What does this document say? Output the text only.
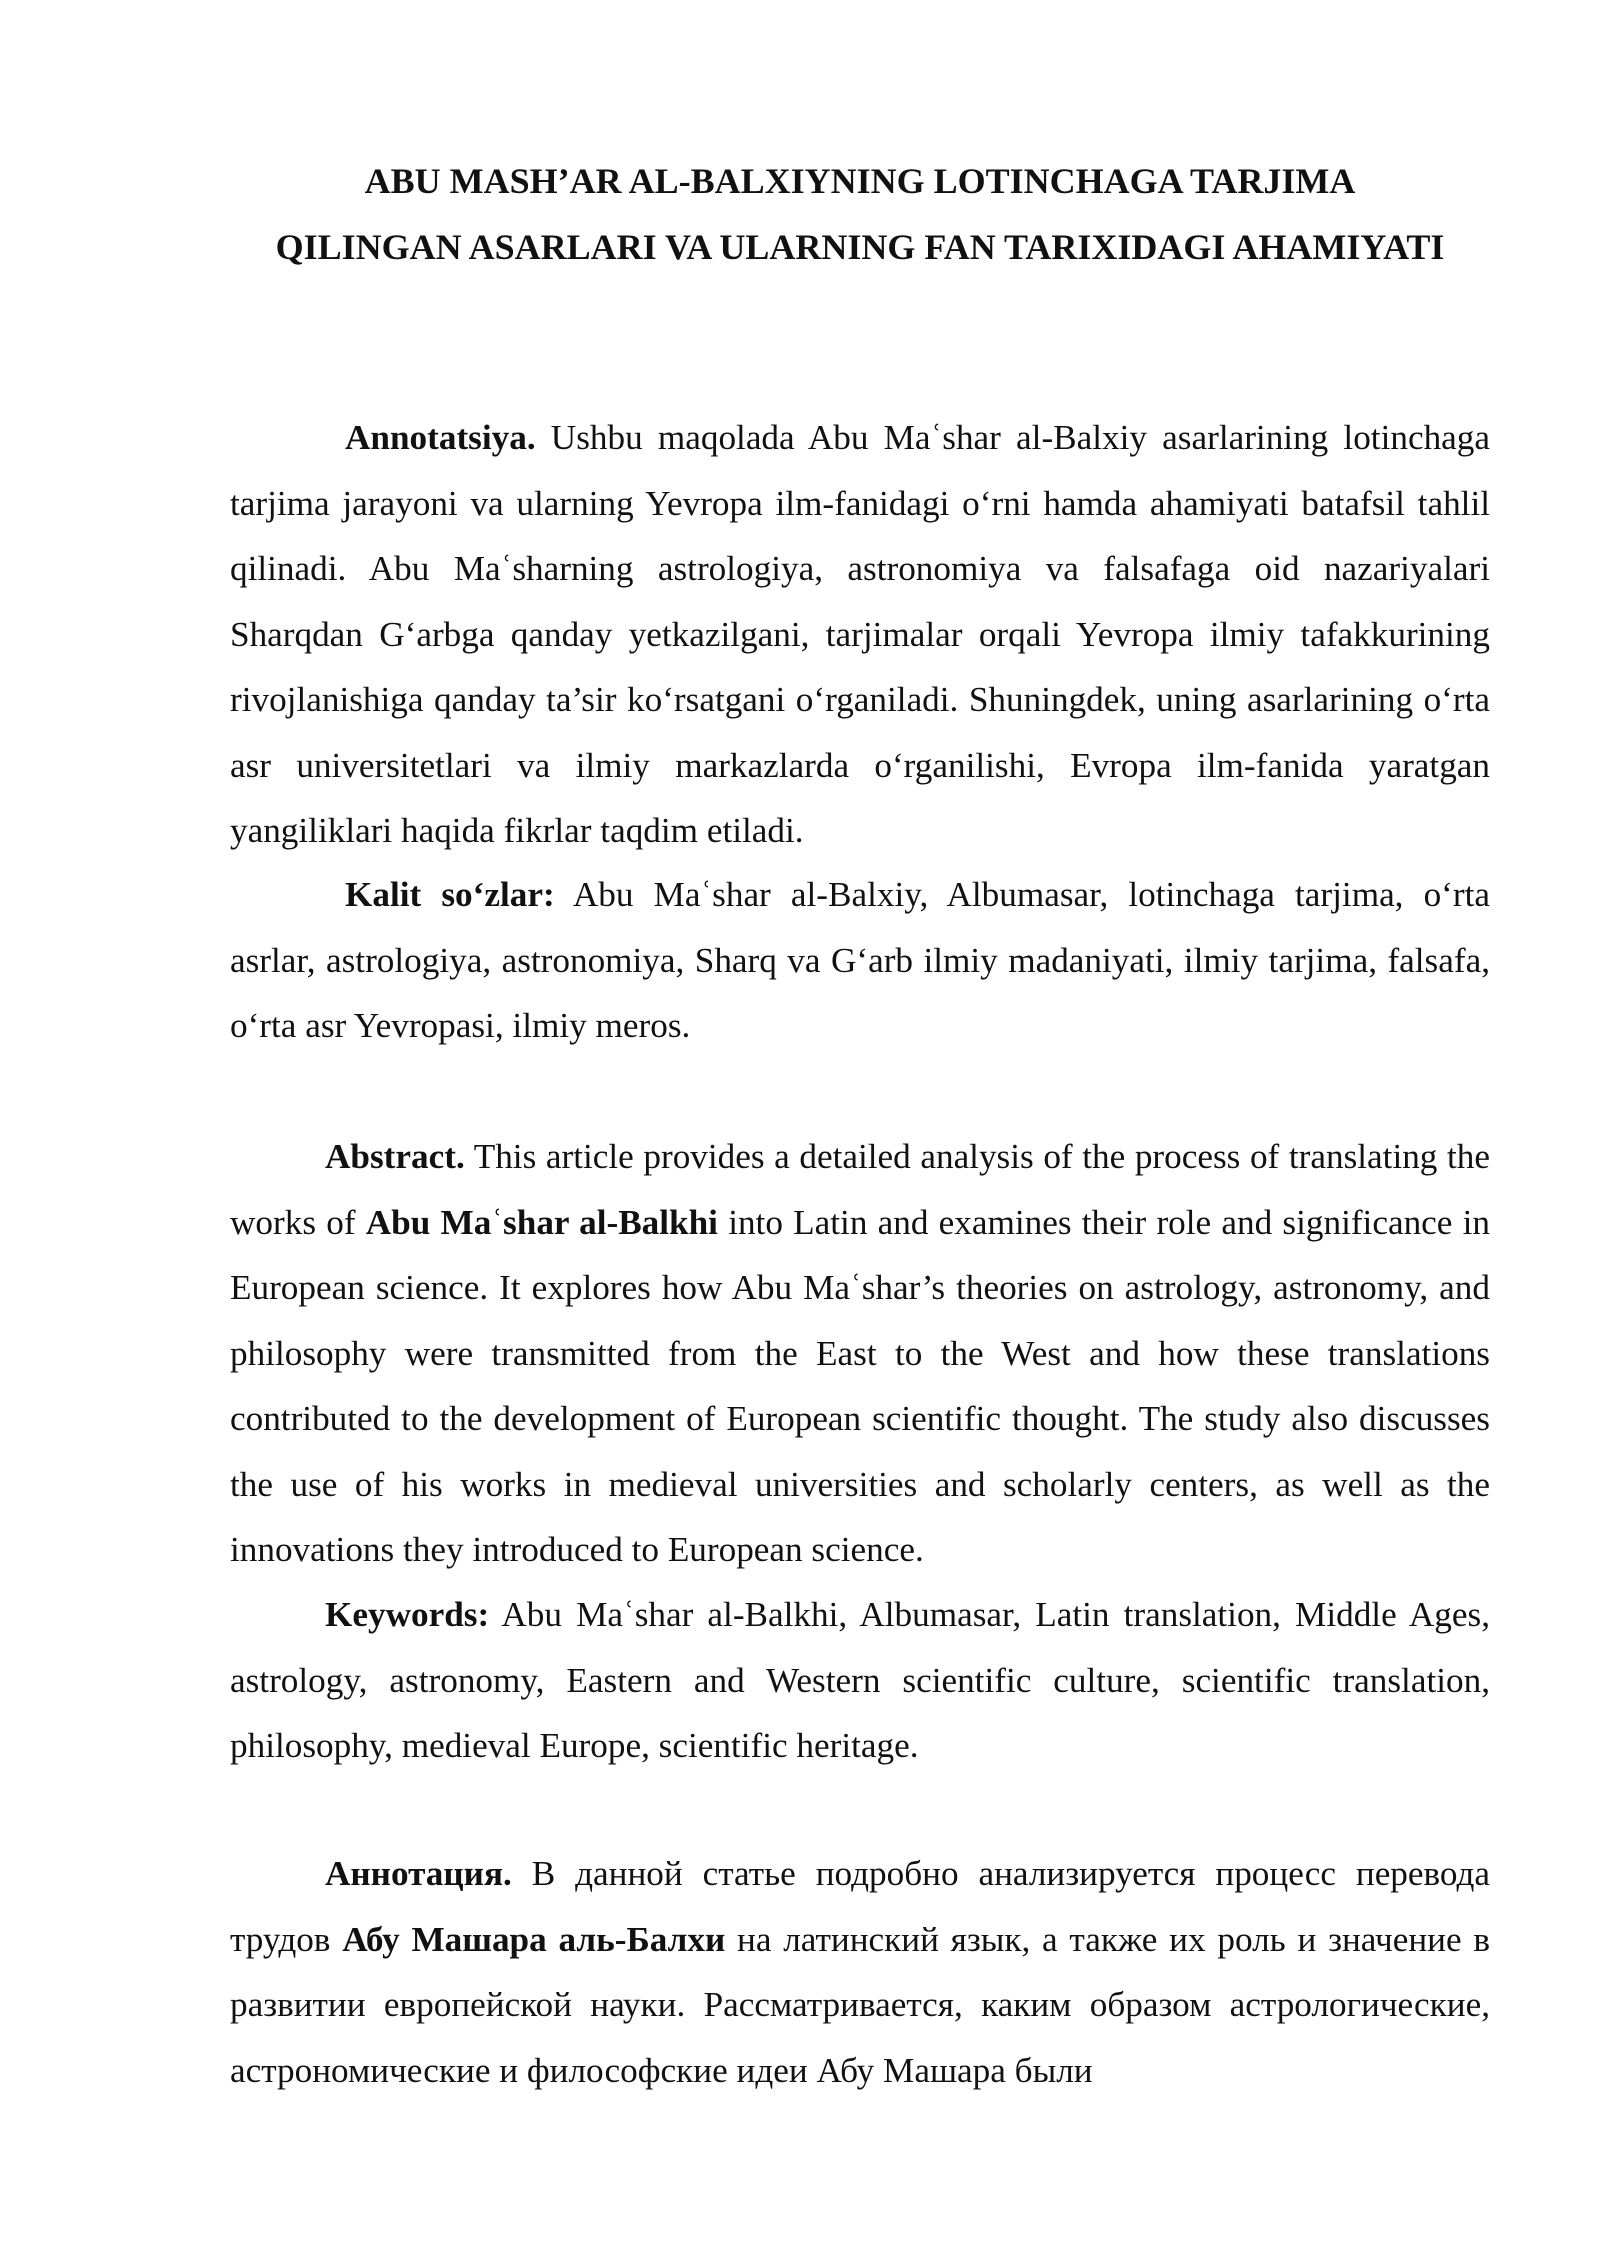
ABU MASH’AR AL-BALXIYNING LOTINCHAGA TARJIMA
QILINGAN ASARLARI VA ULARNING FAN TARIXIDAGI AHAMIYATI

Annotatsiya. Ushbu maqolada Abu Maʿshar al-Balxiy asarlarining lotinchaga tarjima jarayoni va ularning Yevropa ilm-fanidagi o‘rni hamda ahamiyati batafsil tahlil qilinadi. Abu Maʿsharning astrologiya, astronomiya va falsafaga oid nazariyalari Sharqdan G‘arbga qanday yetkazilgani, tarjimalar orqali Yevropa ilmiy tafakkurining rivojlanishiga qanday ta’sir ko‘rsatgani o‘rganiladi. Shuningdek, uning asarlarining o‘rta asr universitetlari va ilmiy markazlarda o‘rganilishi, Evropa ilm-fanida yaratgan yangiliklari haqida fikrlar taqdim etiladi.

Kalit so‘zlar: Abu Maʿshar al-Balxiy, Albumasar, lotinchaga tarjima, o‘rta asrlar, astrologiya, astronomiya, Sharq va G‘arb ilmiy madaniyati, ilmiy tarjima, falsafa, o‘rta asr Yevropasi, ilmiy meros.

Abstract. This article provides a detailed analysis of the process of translating the works of Abu Maʿshar al-Balkhi into Latin and examines their role and significance in European science. It explores how Abu Maʿshar’s theories on astrology, astronomy, and philosophy were transmitted from the East to the West and how these translations contributed to the development of European scientific thought. The study also discusses the use of his works in medieval universities and scholarly centers, as well as the innovations they introduced to European science.

Keywords: Abu Maʿshar al-Balkhi, Albumasar, Latin translation, Middle Ages, astrology, astronomy, Eastern and Western scientific culture, scientific translation, philosophy, medieval Europe, scientific heritage.

Аннотация. В данной статье подробно анализируется процесс перевода трудов Абу Машара аль-Балхи на латинский язык, а также их роль и значение в развитии европейской науки. Рассматривается, каким образом астрологические, астрономические и философские идеи Абу Машара были
